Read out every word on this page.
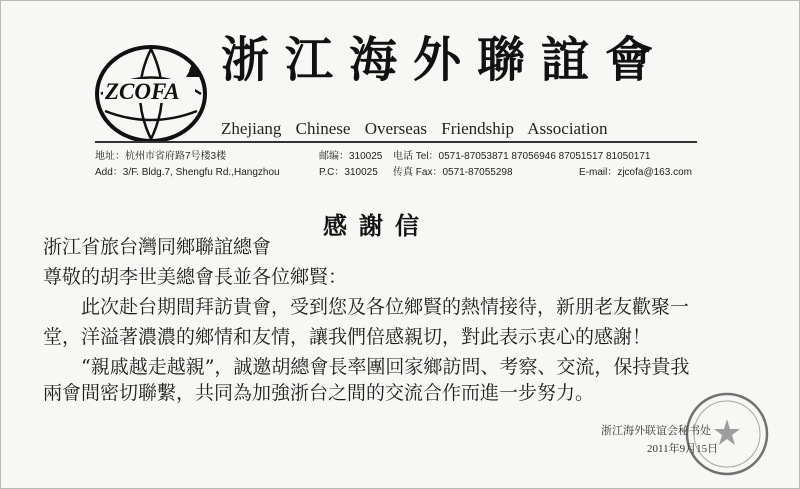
ZCOFA
浙江海外聯誼會
Zhejiang Chinese Overseas Friendship Association
地址：杭州市省府路7号楼3楼	邮编：310025 电话 Tel：0571-87053871 87056946 87051517 81050171
Add：3/F. Bldg.7, Shengfu Rd.,Hangzhou	P.C：310025 传真 Fax：0571-87055298	E-mail：zjcofa@163.com
感謝信
浙江省旅台灣同鄉聯誼總會
尊敬的胡李世美總會長並各位鄉賢：
　　此次赴台期間拜訪貴會，受到您及各位鄉賢的熱情接待，新朋老友歡聚一
堂，洋溢著濃濃的鄉情和友情，讓我們倍感親切，對此表示衷心的感謝！
　　“親戚越走越親”，誠邀胡總會長率團回家鄉訪問、考察、交流，保持貴我
兩會間密切聯繫，共同為加強浙台之間的交流合作而進一步努力。
浙江海外联谊会秘书处
2011年9月15日
